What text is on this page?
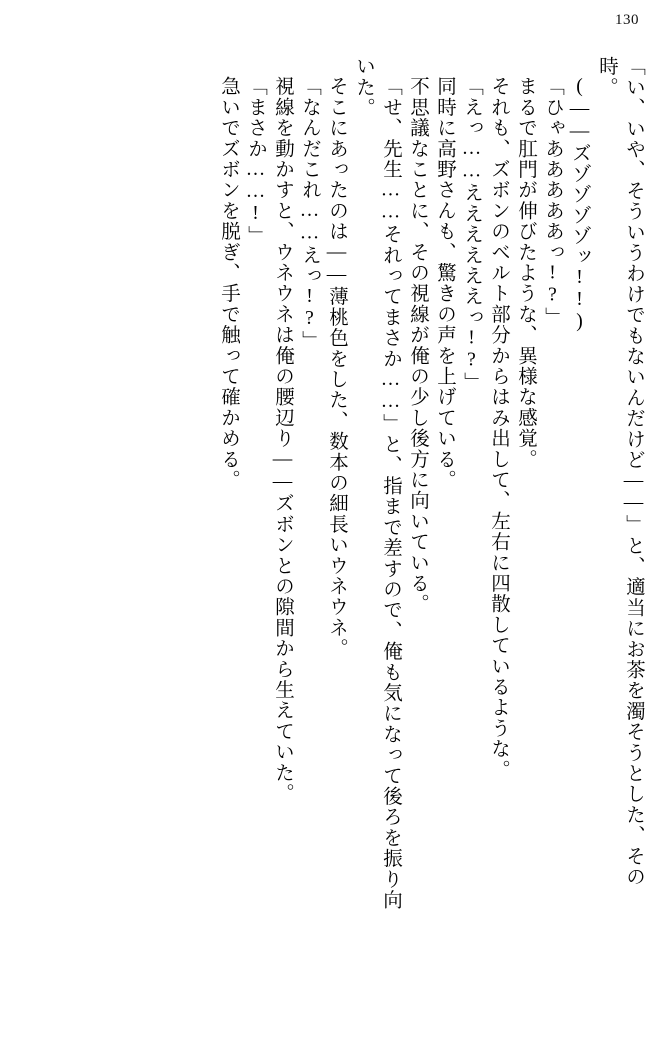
130
「い、いや、そういうわけでもないんだけど――」と、適当にお茶を濁そうとした、その
時。
(――ズゾゾゾゾッ!!)
「ひゃあああああっ!?」
まるで肛門が伸びたような、異様な感覚。
それも、ズボンのベルト部分からはみ出して、左右に四散しているような。
「えっ……ええええええっ!?」
同時に高野さんも、驚きの声を上げている。
不思議なことに、その視線が俺の少し後方に向いている。
「せ、先生……それってまさか……」と、指まで差すので、俺も気になって後ろを振り向
いた。
そこにあったのは――薄桃色をした、数本の細長いウネウネ。
「なんだこれ……えっ!?」
視線を動かすと、ウネウネは俺の腰辺り――ズボンとの隙間から生えていた。
「まさか……!」
急いでズボンを脱ぎ、手で触って確かめる。
